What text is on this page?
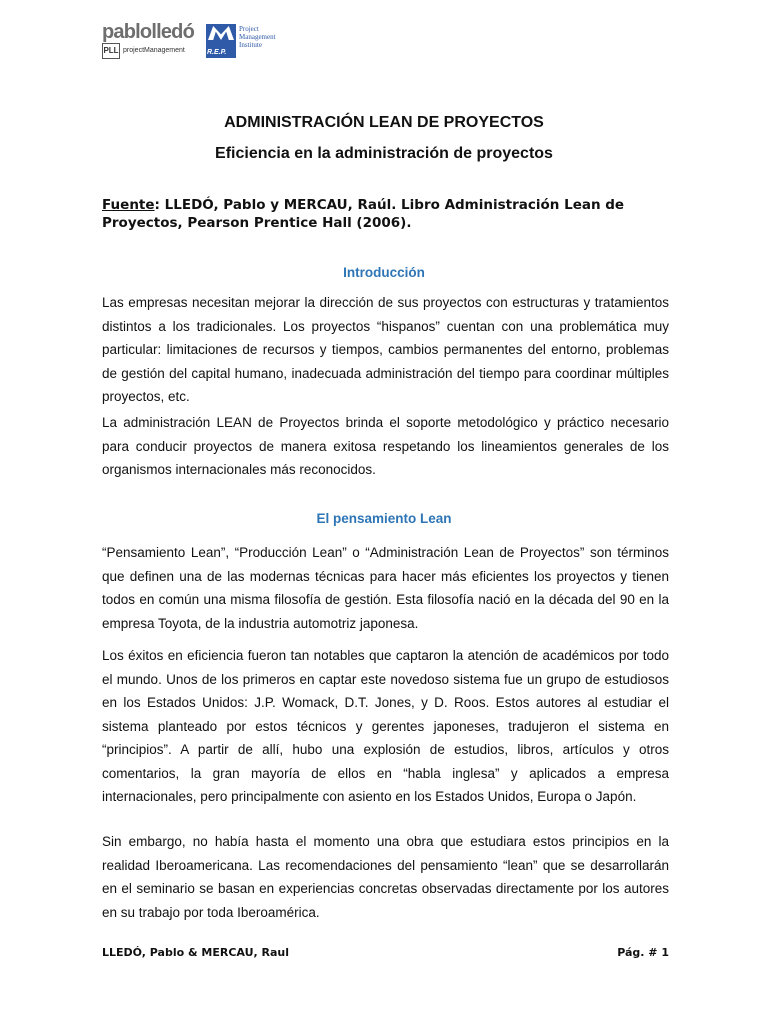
pablolledó
PLL projectManagement	R.E.P.
Project
Management
Institute
ADMINISTRACIÓN LEAN DE PROYECTOS
Eficiencia en la administración de proyectos
Fuente: LLEDÓ, Pablo y MERCAU, Raúl. Libro Administración Lean de Proyectos, Pearson Prentice Hall (2006).
Introducción
Las empresas necesitan mejorar la dirección de sus proyectos con estructuras y tratamientos distintos a los tradicionales. Los proyectos “hispanos” cuentan con una problemática muy particular: limitaciones de recursos y tiempos, cambios permanentes del entorno, problemas de gestión del capital humano, inadecuada administración del tiempo para coordinar múltiples proyectos, etc.
La administración LEAN de Proyectos brinda el soporte metodológico y práctico necesario para conducir proyectos de manera exitosa respetando los lineamientos generales de los organismos internacionales más reconocidos.
El pensamiento Lean
“Pensamiento Lean”, “Producción Lean” o “Administración Lean de Proyectos” son términos que definen una de las modernas técnicas para hacer más eficientes los proyectos y tienen todos en común una misma filosofía de gestión. Esta filosofía nació en la década del 90 en la empresa Toyota, de la industria automotriz japonesa.
Los éxitos en eficiencia fueron tan notables que captaron la atención de académicos por todo el mundo. Unos de los primeros en captar este novedoso sistema fue un grupo de estudiosos en los Estados Unidos: J.P. Womack, D.T. Jones, y D. Roos. Estos autores al estudiar el sistema planteado por estos técnicos y gerentes japoneses, tradujeron el sistema en “principios”. A partir de allí, hubo una explosión de estudios, libros, artículos y otros comentarios, la gran mayoría de ellos en “habla inglesa” y aplicados a empresa internacionales, pero principalmente con asiento en los Estados Unidos, Europa o Japón.
Sin embargo, no había hasta el momento una obra que estudiara estos principios en la realidad Iberoamericana. Las recomendaciones del pensamiento “lean” que se desarrollarán en el seminario se basan en experiencias concretas observadas directamente por los autores en su trabajo por toda Iberoamérica.
LLEDÓ, Pablo & MERCAU, Raul	Pág. # 1
